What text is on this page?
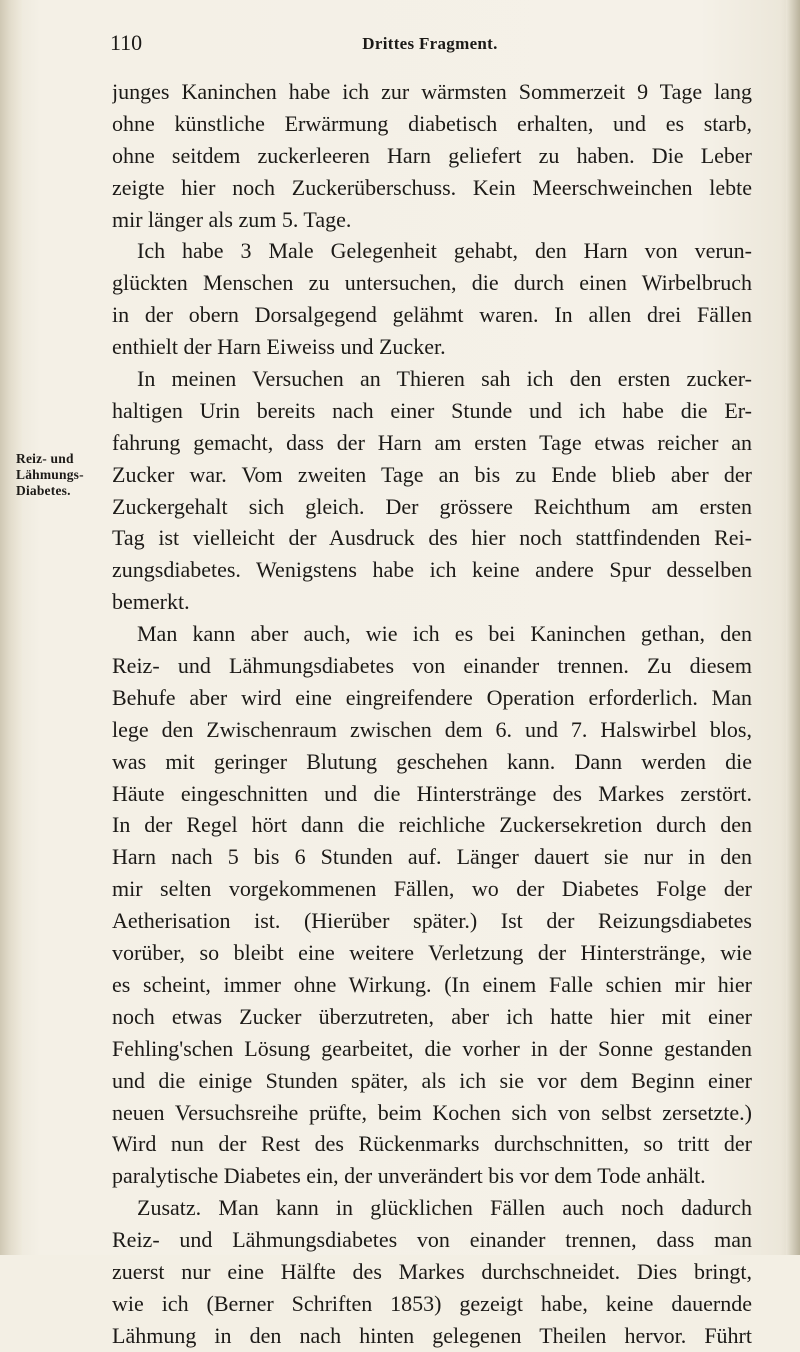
110	Drittes Fragment.
Reiz- und
Lähmungs-
Diabetes.
junges Kaninchen habe ich zur wärmsten Sommerzeit 9 Tage lang
ohne künstliche Erwärmung diabetisch erhalten, und es starb,
ohne seitdem zuckerleeren Harn geliefert zu haben. Die Leber
zeigte hier noch Zuckerüberschuss. Kein Meerschweinchen lebte
mir länger als zum 5. Tage.
Ich habe 3 Male Gelegenheit gehabt, den Harn von verun-
glückten Menschen zu untersuchen, die durch einen Wirbelbruch
in der obern Dorsalgegend gelähmt waren. In allen drei Fällen
enthielt der Harn Eiweiss und Zucker.
In meinen Versuchen an Thieren sah ich den ersten zucker-
haltigen Urin bereits nach einer Stunde und ich habe die Er-
fahrung gemacht, dass der Harn am ersten Tage etwas reicher an
Zucker war. Vom zweiten Tage an bis zu Ende blieb aber der
Zuckergehalt sich gleich. Der grössere Reichthum am ersten
Tag ist vielleicht der Ausdruck des hier noch stattfindenden Rei-
zungsdiabetes. Wenigstens habe ich keine andere Spur desselben
bemerkt.
Man kann aber auch, wie ich es bei Kaninchen gethan, den
Reiz- und Lähmungsdiabetes von einander trennen. Zu diesem
Behufe aber wird eine eingreifendere Operation erforderlich. Man
lege den Zwischenraum zwischen dem 6. und 7. Halswirbel blos,
was mit geringer Blutung geschehen kann. Dann werden die
Häute eingeschnitten und die Hinterstränge des Markes zerstört.
In der Regel hört dann die reichliche Zuckersekretion durch den
Harn nach 5 bis 6 Stunden auf. Länger dauert sie nur in den
mir selten vorgekommenen Fällen, wo der Diabetes Folge der
Aetherisation ist. (Hierüber später.) Ist der Reizungsdiabetes
vorüber, so bleibt eine weitere Verletzung der Hinterstränge, wie
es scheint, immer ohne Wirkung. (In einem Falle schien mir hier
noch etwas Zucker überzutreten, aber ich hatte hier mit einer
Fehling'schen Lösung gearbeitet, die vorher in der Sonne gestanden
und die einige Stunden später, als ich sie vor dem Beginn einer
neuen Versuchsreihe prüfte, beim Kochen sich von selbst zersetzte.)
Wird nun der Rest des Rückenmarks durchschnitten, so tritt der
paralytische Diabetes ein, der unverändert bis vor dem Tode anhält.
Zusatz. Man kann in glücklichen Fällen auch noch dadurch
Reiz- und Lähmungsdiabetes von einander trennen, dass man
zuerst nur eine Hälfte des Markes durchschneidet. Dies bringt,
wie ich (Berner Schriften 1853) gezeigt habe, keine dauernde
Lähmung in den nach hinten gelegenen Theilen hervor. Führt
